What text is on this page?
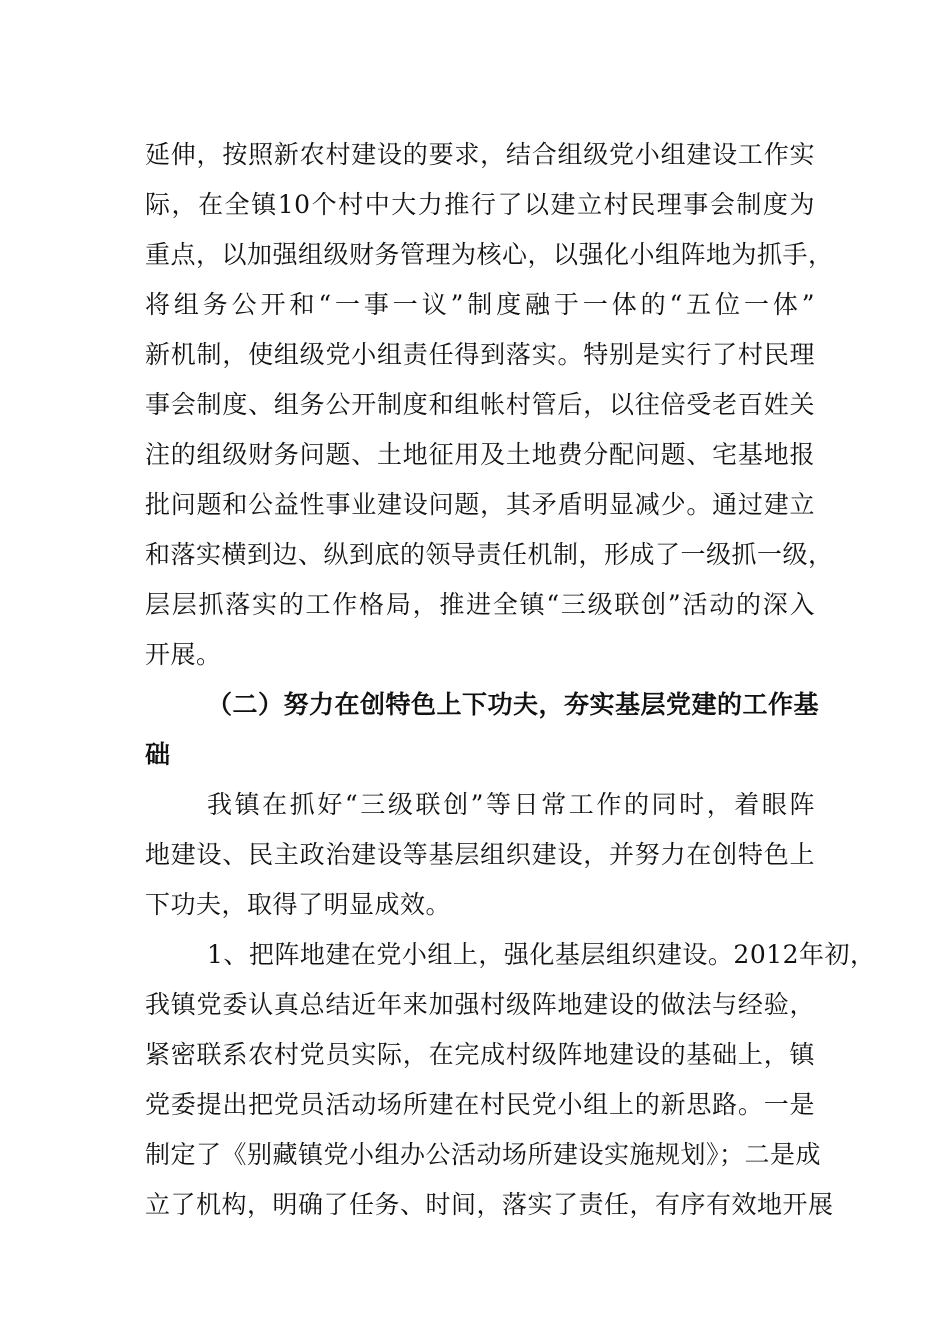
延伸，按照新农村建设的要求，结合组级党小组建设工作实
际，在全镇10个村中大力推行了以建立村民理事会制度为
重点，以加强组级财务管理为核心，以强化小组阵地为抓手，
将组务公开和“一事一议”制度融于一体的“五位一体”
新机制，使组级党小组责任得到落实。特别是实行了村民理
事会制度、组务公开制度和组帐村管后，以往倍受老百姓关
注的组级财务问题、土地征用及土地费分配问题、宅基地报
批问题和公益性事业建设问题，其矛盾明显减少。通过建立
和落实横到边、纵到底的领导责任机制，形成了一级抓一级，
层层抓落实的工作格局，推进全镇“三级联创”活动的深入
开展。
（二）努力在创特色上下功夫，夯实基层党建的工作基
础
我镇在抓好“三级联创”等日常工作的同时，着眼阵
地建设、民主政治建设等基层组织建设，并努力在创特色上
下功夫，取得了明显成效。
1、把阵地建在党小组上，强化基层组织建设。2012年初，
我镇党委认真总结近年来加强村级阵地建设的做法与经验，
紧密联系农村党员实际，在完成村级阵地建设的基础上，镇
党委提出把党员活动场所建在村民党小组上的新思路。一是
制定了《别藏镇党小组办公活动场所建设实施规划》；二是成
立了机构，明确了任务、时间，落实了责任，有序有效地开展
